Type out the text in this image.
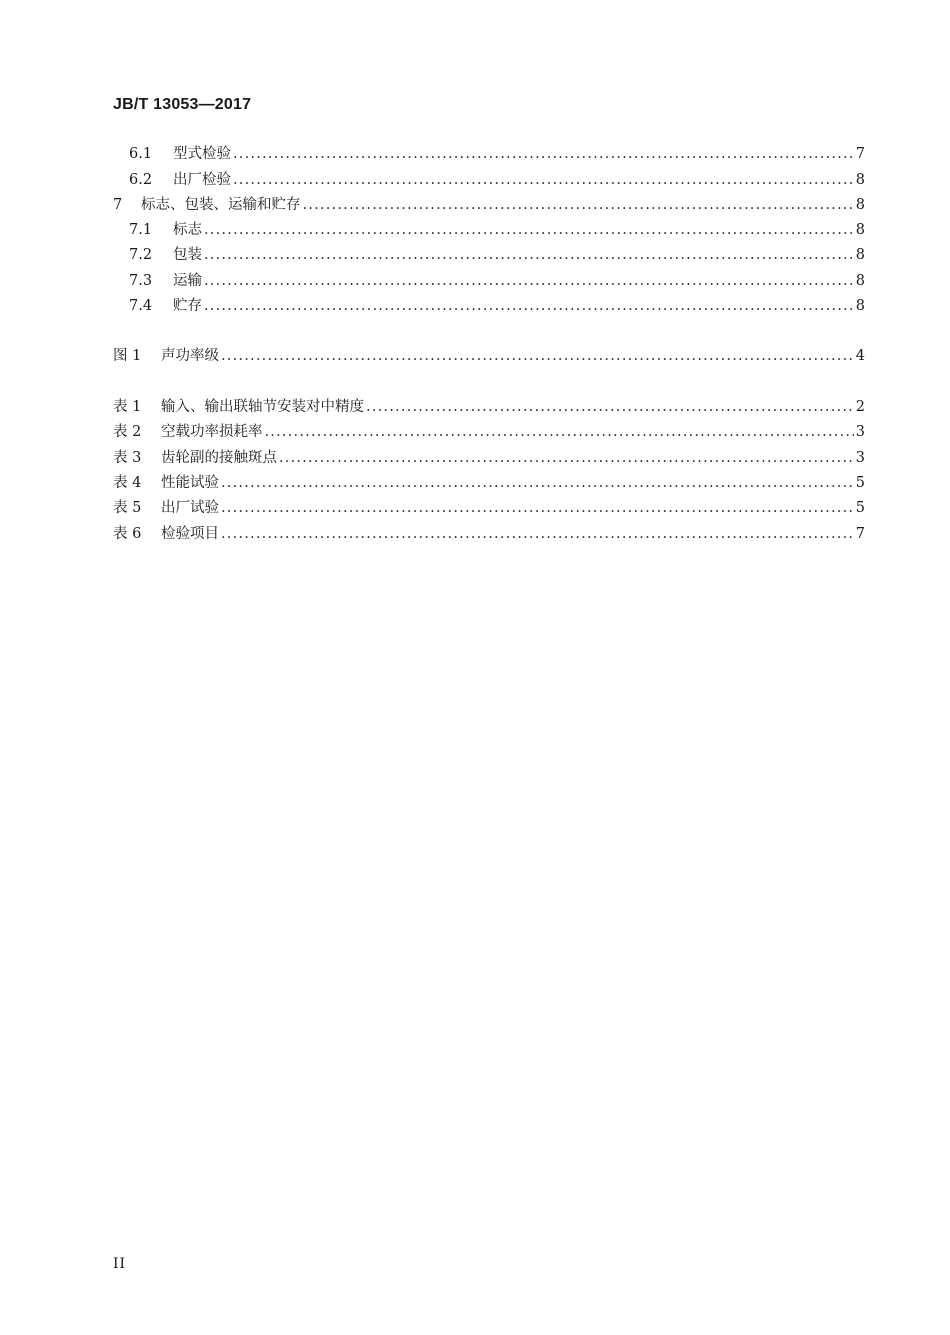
JB/T 13053—2017
6.1	型式检验 .....	7
6.2	出厂检验 .....	8
7	标志、包装、运输和贮存 .....	8
7.1	标志 .....	8
7.2	包装 .....	8
7.3	运输 .....	8
7.4	贮存 .....	8
图 1	声功率级 .....	4
表 1	输入、输出联轴节安装对中精度 .....	2
表 2	空载功率损耗率 .....	3
表 3	齿轮副的接触斑点 .....	3
表 4	性能试验 .....	5
表 5	出厂试验 .....	5
表 6	检验项目 .....	7
II
